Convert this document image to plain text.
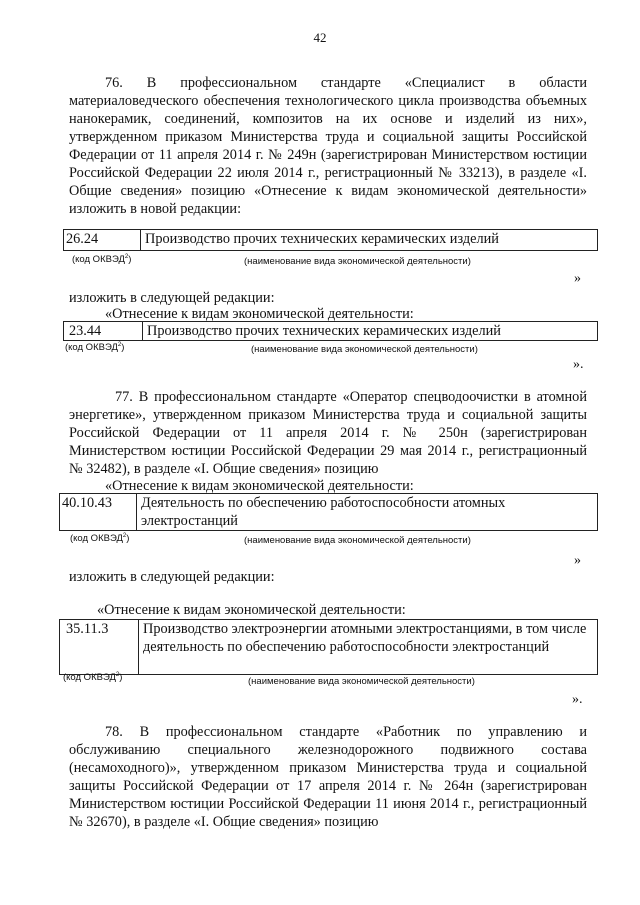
42

76. В профессиональном стандарте «Специалист в области материаловедческого обеспечения технологического цикла производства объемных нанокерамик, соединений, композитов на их основе и изделий из них», утвержденном приказом Министерства труда и социальной защиты Российской Федерации от 11 апреля 2014 г. № 249н (зарегистрирован Министерством юстиции Российской Федерации 22 июля 2014 г., регистрационный № 33213), в разделе «I. Общие сведения» позицию «Отнесение к видам экономической деятельности» изложить в новой редакции:

26.24	Производство прочих технических керамических изделий
(код ОКВЭД$^2$)	(наименование вида экономической деятельности)
»
изложить в следующей редакции:
«Отнесение к видам экономической деятельности:
23.44	Производство прочих технических керамических изделий
(код ОКВЭД$^2$)	(наименование вида экономической деятельности)
».

77. В профессиональном стандарте «Оператор спецводоочистки в атомной энергетике», утвержденном приказом Министерства труда и социальной защиты Российской Федерации от 11 апреля 2014 г. № 250н (зарегистрирован Министерством юстиции Российской Федерации 29 мая 2014 г., регистрационный № 32482), в разделе «I. Общие сведения» позицию

«Отнесение к видам экономической деятельности:
40.10.43	Деятельность по обеспечению работоспособности атомных электростанций
(код ОКВЭД$^2$)	(наименование вида экономической деятельности)
»
изложить в следующей редакции:
«Отнесение к видам экономической деятельности:
35.11.3	Производство электроэнергии атомными электростанциями, в том числе деятельность по обеспечению работоспособности электростанций
(код ОКВЭД$^2$)	(наименование вида экономической деятельности)
».

78. В профессиональном стандарте «Работник по управлению и обслуживанию специального железнодорожного подвижного состава (несамоходного)», утвержденном приказом Министерства труда и социальной защиты Российской Федерации от 17 апреля 2014 г. № 264н (зарегистрирован Министерством юстиции Российской Федерации 11 июня 2014 г., регистрационный № 32670), в разделе «I. Общие сведения» позицию
